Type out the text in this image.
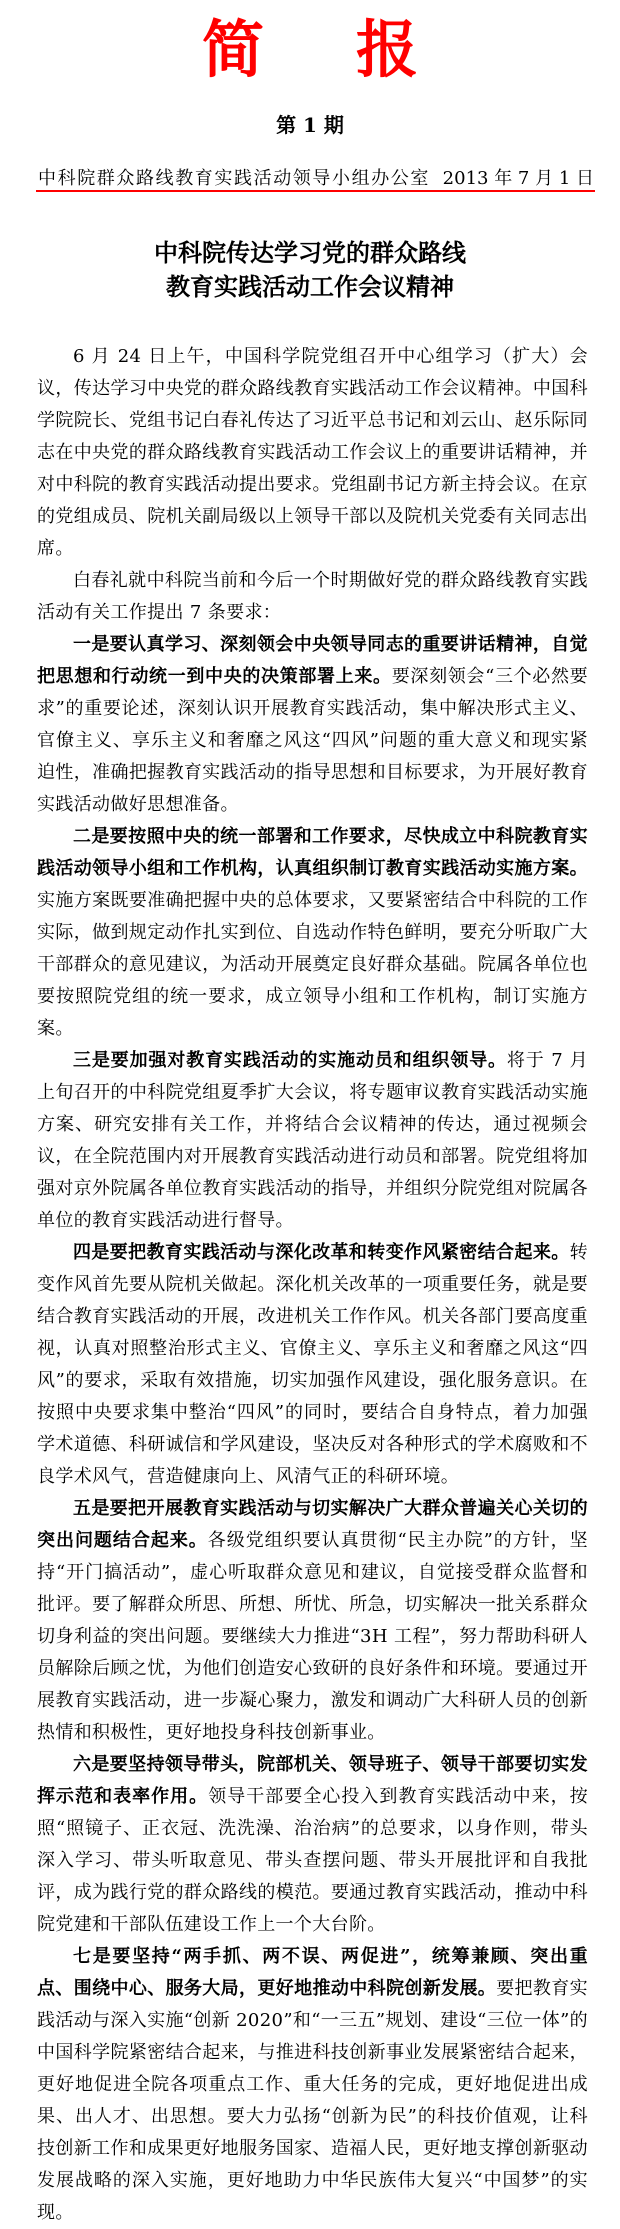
简 报
第 1 期
中科院群众路线教育实践活动领导小组办公室 2013 年 7 月 1 日
中科院传达学习党的群众路线
教育实践活动工作会议精神

6 月 24 日上午，中国科学院党组召开中心组学习（扩大）会议，传达学习中央党的群众路线教育实践活动工作会议精神。中国科学院院长、党组书记白春礼传达了习近平总书记和刘云山、赵乐际同志在中央党的群众路线教育实践活动工作会议上的重要讲话精神，并对中科院的教育实践活动提出要求。党组副书记方新主持会议。在京的党组成员、院机关副局级以上领导干部以及院机关党委有关同志出席。

白春礼就中科院当前和今后一个时期做好党的群众路线教育实践活动有关工作提出 7 条要求：

一是要认真学习、深刻领会中央领导同志的重要讲话精神，自觉把思想和行动统一到中央的决策部署上来。要深刻领会“三个必然要求”的重要论述，深刻认识开展教育实践活动，集中解决形式主义、官僚主义、享乐主义和奢靡之风这“四风”问题的重大意义和现实紧迫性，准确把握教育实践活动的指导思想和目标要求，为开展好教育实践活动做好思想准备。

二是要按照中央的统一部署和工作要求，尽快成立中科院教育实践活动领导小组和工作机构，认真组织制订教育实践活动实施方案。实施方案既要准确把握中央的总体要求，又要紧密结合中科院的工作实际，做到规定动作扎实到位、自选动作特色鲜明，要充分听取广大干部群众的意见建议，为活动开展奠定良好群众基础。院属各单位也要按照院党组的统一要求，成立领导小组和工作机构，制订实施方案。

三是要加强对教育实践活动的实施动员和组织领导。将于 7 月上旬召开的中科院党组夏季扩大会议，将专题审议教育实践活动实施方案、研究安排有关工作，并将结合会议精神的传达，通过视频会议，在全院范围内对开展教育实践活动进行动员和部署。院党组将加强对京外院属各单位教育实践活动的指导，并组织分院党组对院属各单位的教育实践活动进行督导。

四是要把教育实践活动与深化改革和转变作风紧密结合起来。转变作风首先要从院机关做起。深化机关改革的一项重要任务，就是要结合教育实践活动的开展，改进机关工作作风。机关各部门要高度重视，认真对照整治形式主义、官僚主义、享乐主义和奢靡之风这“四风”的要求，采取有效措施，切实加强作风建设，强化服务意识。在按照中央要求集中整治“四风”的同时，要结合自身特点，着力加强学术道德、科研诚信和学风建设，坚决反对各种形式的学术腐败和不良学术风气，营造健康向上、风清气正的科研环境。

五是要把开展教育实践活动与切实解决广大群众普遍关心关切的突出问题结合起来。各级党组织要认真贯彻“民主办院”的方针，坚持“开门搞活动”，虚心听取群众意见和建议，自觉接受群众监督和批评。要了解群众所思、所想、所忧、所急，切实解决一批关系群众切身利益的突出问题。要继续大力推进“3H 工程”，努力帮助科研人员解除后顾之忧，为他们创造安心致研的良好条件和环境。要通过开展教育实践活动，进一步凝心聚力，激发和调动广大科研人员的创新热情和积极性，更好地投身科技创新事业。

六是要坚持领导带头，院部机关、领导班子、领导干部要切实发挥示范和表率作用。领导干部要全心投入到教育实践活动中来，按照“照镜子、正衣冠、洗洗澡、治治病”的总要求，以身作则，带头深入学习、带头听取意见、带头查摆问题、带头开展批评和自我批评，成为践行党的群众路线的模范。要通过教育实践活动，推动中科院党建和干部队伍建设工作上一个大台阶。

七是要坚持“两手抓、两不误、两促进”，统筹兼顾、突出重点、围绕中心、服务大局，更好地推动中科院创新发展。要把教育实践活动与深入实施“创新 2020”和“一三五”规划、建设“三位一体”的中国科学院紧密结合起来，与推进科技创新事业发展紧密结合起来，更好地促进全院各项重点工作、重大任务的完成，更好地促进出成果、出人才、出思想。要大力弘扬“创新为民”的科技价值观，让科技创新工作和成果更好地服务国家、造福人民，更好地支撑创新驱动发展战略的深入实施，更好地助力中华民族伟大复兴“中国梦”的实现。
